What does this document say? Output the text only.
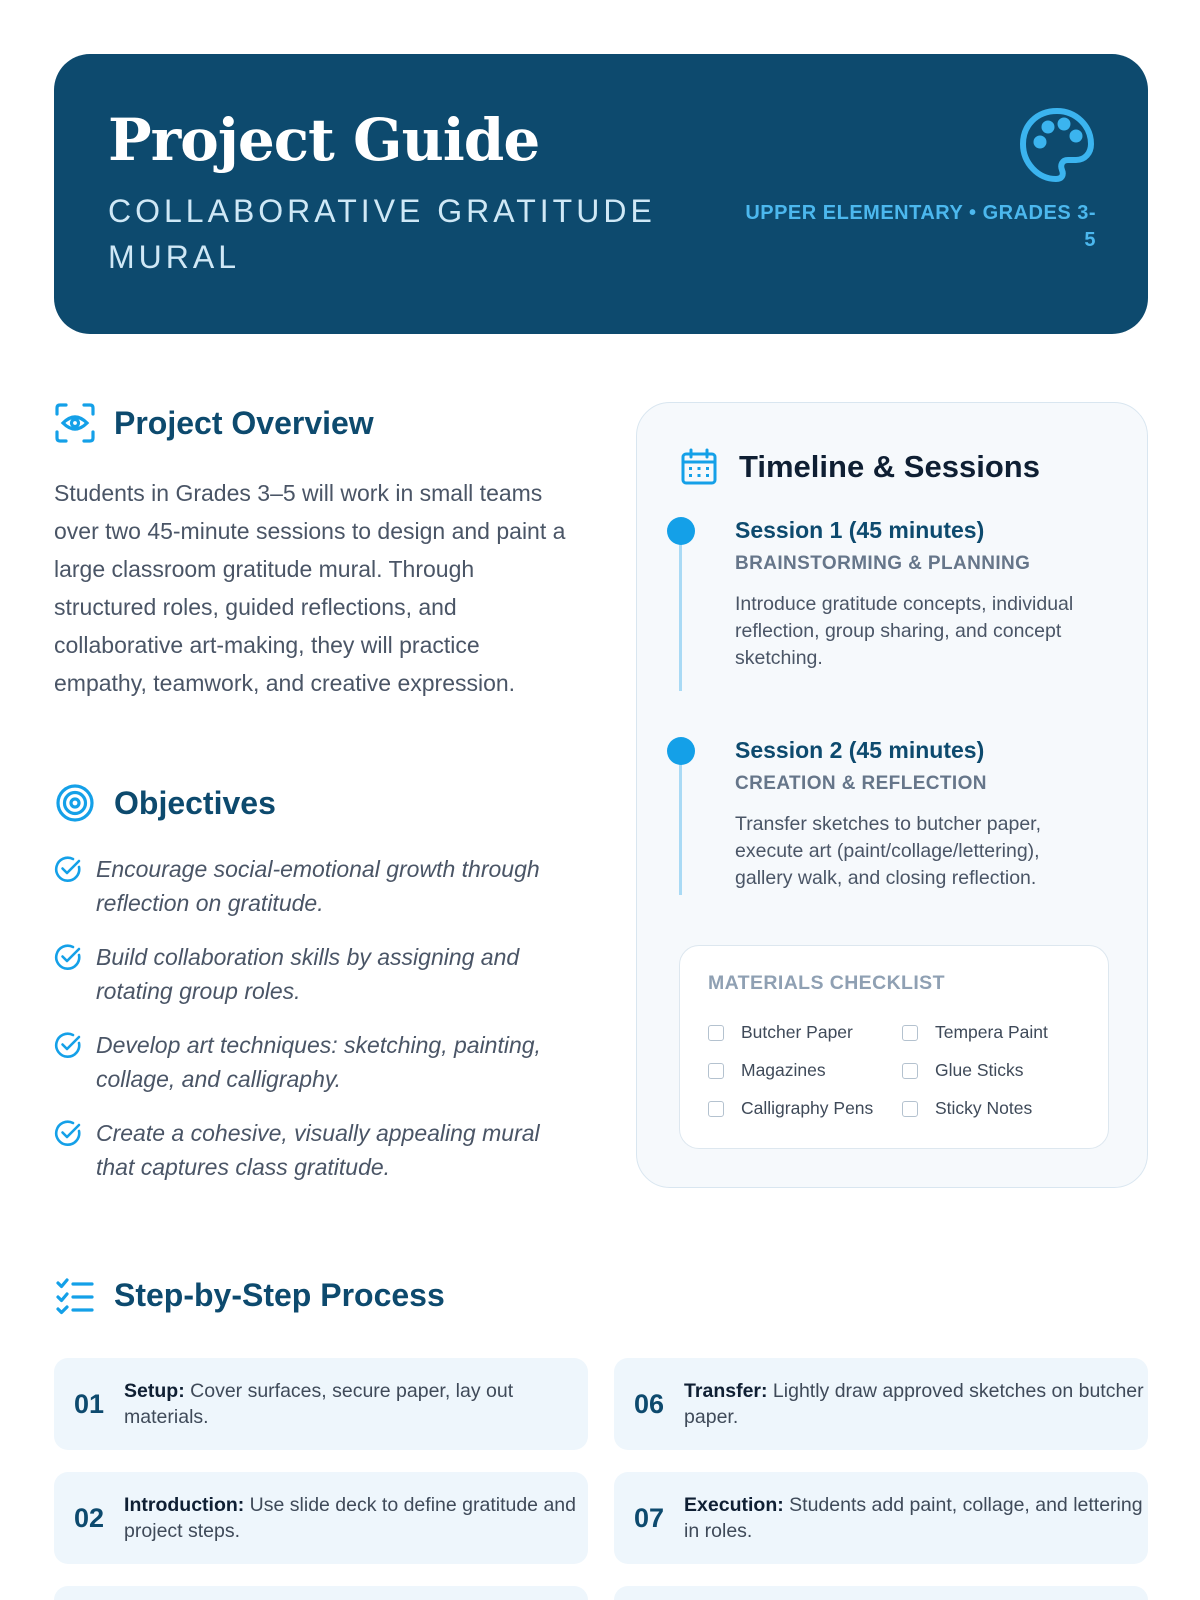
Project Guide
COLLABORATIVE GRATITUDE MURAL
UPPER ELEMENTARY • GRADES 3-5
Project Overview
Students in Grades 3–5 will work in small teams over two 45-minute sessions to design and paint a large classroom gratitude mural. Through structured roles, guided reflections, and collaborative art-making, they will practice empathy, teamwork, and creative expression.
Objectives
Encourage social-emotional growth through reflection on gratitude.
Build collaboration skills by assigning and rotating group roles.
Develop art techniques: sketching, painting, collage, and calligraphy.
Create a cohesive, visually appealing mural that captures class gratitude.
Timeline & Sessions
Session 1 (45 minutes)
BRAINSTORMING & PLANNING
Introduce gratitude concepts, individual reflection, group sharing, and concept sketching.
Session 2 (45 minutes)
CREATION & REFLECTION
Transfer sketches to butcher paper, execute art (paint/collage/lettering), gallery walk, and closing reflection.
MATERIALS CHECKLIST
Butcher Paper	Tempera Paint
Magazines	Glue Sticks
Calligraphy Pens	Sticky Notes
Step-by-Step Process
01 Setup: Cover surfaces, secure paper, lay out materials.	06 Transfer: Lightly draw approved sketches on butcher paper.
02 Introduction: Use slide deck to define gratitude and project steps.	07 Execution: Students add paint, collage, and lettering in roles.
